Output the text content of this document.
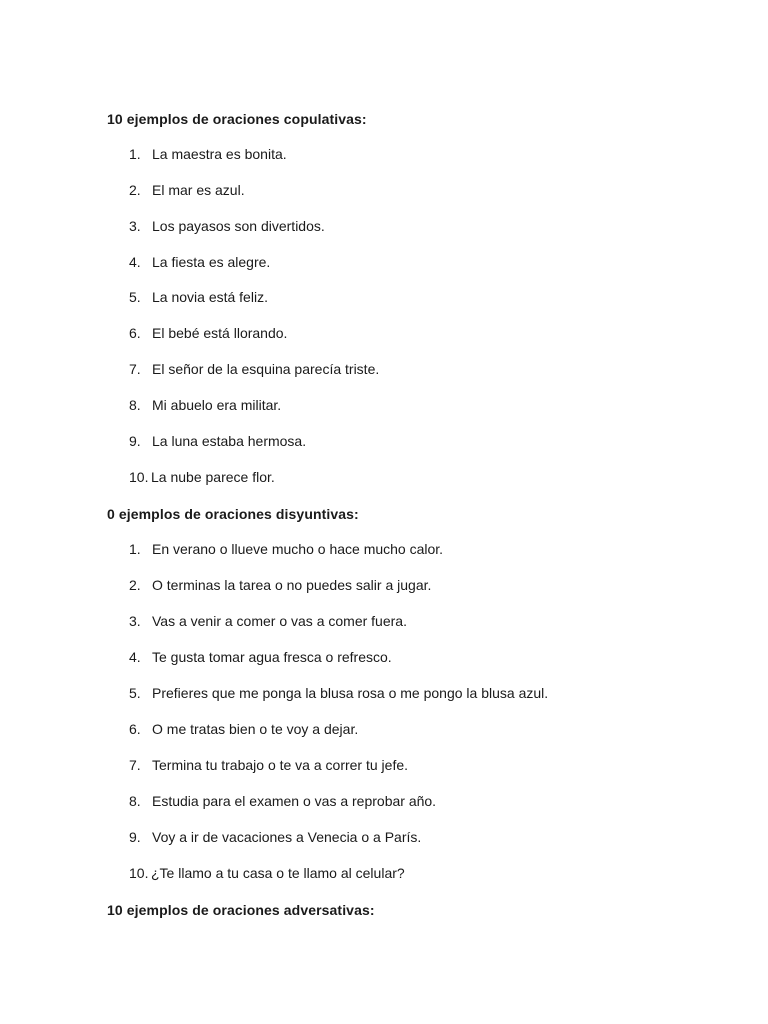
10 ejemplos de oraciones copulativas:
1. La maestra es bonita.
2. El mar es azul.
3. Los payasos son divertidos.
4. La fiesta es alegre.
5. La novia está feliz.
6. El bebé está llorando.
7. El señor de la esquina parecía triste.
8. Mi abuelo era militar.
9. La luna estaba hermosa.
10. La nube parece flor.
0 ejemplos de oraciones disyuntivas:
1. En verano o llueve mucho o hace mucho calor.
2. O terminas la tarea o no puedes salir a jugar.
3. Vas a venir a comer o vas a comer fuera.
4. Te gusta tomar agua fresca o refresco.
5. Prefieres que me ponga la blusa rosa o me pongo la blusa azul.
6. O me tratas bien o te voy a dejar.
7. Termina tu trabajo o te va a correr tu jefe.
8. Estudia para el examen o vas a reprobar año.
9. Voy a ir de vacaciones a Venecia o a París.
10. ¿Te llamo a tu casa o te llamo al celular?
10 ejemplos de oraciones adversativas:
